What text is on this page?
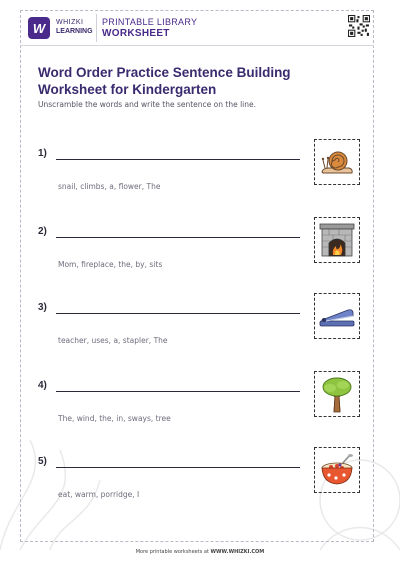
W WHIZKI
LEARNING
PRINTABLE LIBRARY
WORKSHEET
Word Order Practice Sentence Building Worksheet for Kindergarten
Unscramble the words and write the sentence on the line.
1)
snail, climbs, a, flower, The
2)
Mom, fireplace, the, by, sits
3)
teacher, uses, a, stapler, The
4)
The, wind, the, in, sways, tree
5)
eat, warm, porridge, I
More printable worksheets at WWW.WHIZKI.COM
